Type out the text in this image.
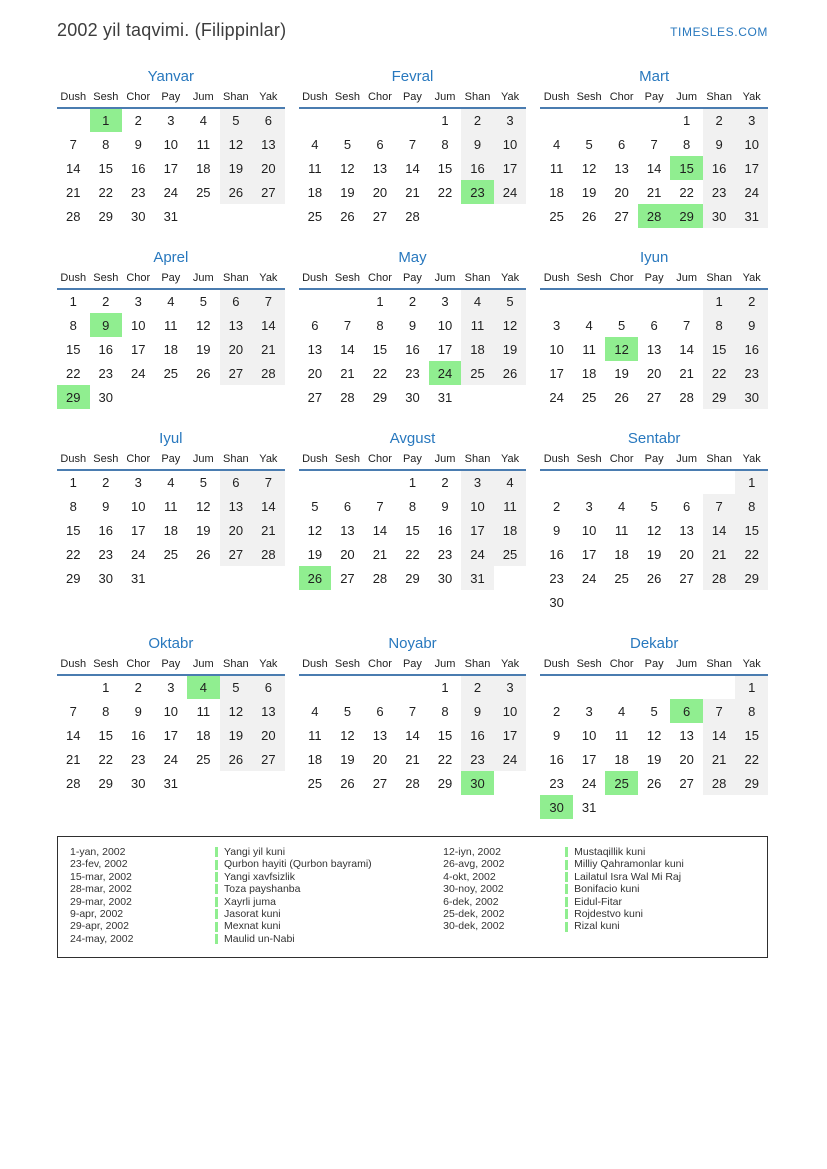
2002 yil taqvimi. (Filippinlar)	TIMESLES.COM
Yanvar
Dush	Sesh	Chor	Pay	Jum	Shan	Yak
	1	2	3	4	5	6
7	8	9	10	11	12	13
14	15	16	17	18	19	20
21	22	23	24	25	26	27
28	29	30	31			
Fevral
Dush	Sesh	Chor	Pay	Jum	Shan	Yak
				1	2	3
4	5	6	7	8	9	10
11	12	13	14	15	16	17
18	19	20	21	22	23	24
25	26	27	28			
Mart
Dush	Sesh	Chor	Pay	Jum	Shan	Yak
				1	2	3
4	5	6	7	8	9	10
11	12	13	14	15	16	17
18	19	20	21	22	23	24
25	26	27	28	29	30	31
Aprel
Dush	Sesh	Chor	Pay	Jum	Shan	Yak
1	2	3	4	5	6	7
8	9	10	11	12	13	14
15	16	17	18	19	20	21
22	23	24	25	26	27	28
29	30					
May
Dush	Sesh	Chor	Pay	Jum	Shan	Yak
		1	2	3	4	5
6	7	8	9	10	11	12
13	14	15	16	17	18	19
20	21	22	23	24	25	26
27	28	29	30	31		
Iyun
Dush	Sesh	Chor	Pay	Jum	Shan	Yak
					1	2
3	4	5	6	7	8	9
10	11	12	13	14	15	16
17	18	19	20	21	22	23
24	25	26	27	28	29	30
Iyul
Dush	Sesh	Chor	Pay	Jum	Shan	Yak
1	2	3	4	5	6	7
8	9	10	11	12	13	14
15	16	17	18	19	20	21
22	23	24	25	26	27	28
29	30	31				
Avgust
Dush	Sesh	Chor	Pay	Jum	Shan	Yak
			1	2	3	4
5	6	7	8	9	10	11
12	13	14	15	16	17	18
19	20	21	22	23	24	25
26	27	28	29	30	31	
Sentabr
Dush	Sesh	Chor	Pay	Jum	Shan	Yak
						1
2	3	4	5	6	7	8
9	10	11	12	13	14	15
16	17	18	19	20	21	22
23	24	25	26	27	28	29
30						
Oktabr
Dush	Sesh	Chor	Pay	Jum	Shan	Yak
	1	2	3	4	5	6
7	8	9	10	11	12	13
14	15	16	17	18	19	20
21	22	23	24	25	26	27
28	29	30	31			
Noyabr
Dush	Sesh	Chor	Pay	Jum	Shan	Yak
				1	2	3
4	5	6	7	8	9	10
11	12	13	14	15	16	17
18	19	20	21	22	23	24
25	26	27	28	29	30	
Dekabr
Dush	Sesh	Chor	Pay	Jum	Shan	Yak
						1
2	3	4	5	6	7	8
9	10	11	12	13	14	15
16	17	18	19	20	21	22
23	24	25	26	27	28	29
30	31					
1-yan, 2002	Yangi yil kuni
23-fev, 2002	Qurbon hayiti (Qurbon bayrami)
15-mar, 2002	Yangi xavfsizlik
28-mar, 2002	Toza payshanba
29-mar, 2002	Xayrli juma
9-apr, 2002	Jasorat kuni
29-apr, 2002	Mexnat kuni
24-may, 2002	Maulid un-Nabi
12-iyn, 2002	Mustaqillik kuni
26-avg, 2002	Milliy Qahramonlar kuni
4-okt, 2002	Lailatul Isra Wal Mi Raj
30-noy, 2002	Bonifacio kuni
6-dek, 2002	Eidul-Fitar
25-dek, 2002	Rojdestvo kuni
30-dek, 2002	Rizal kuni
